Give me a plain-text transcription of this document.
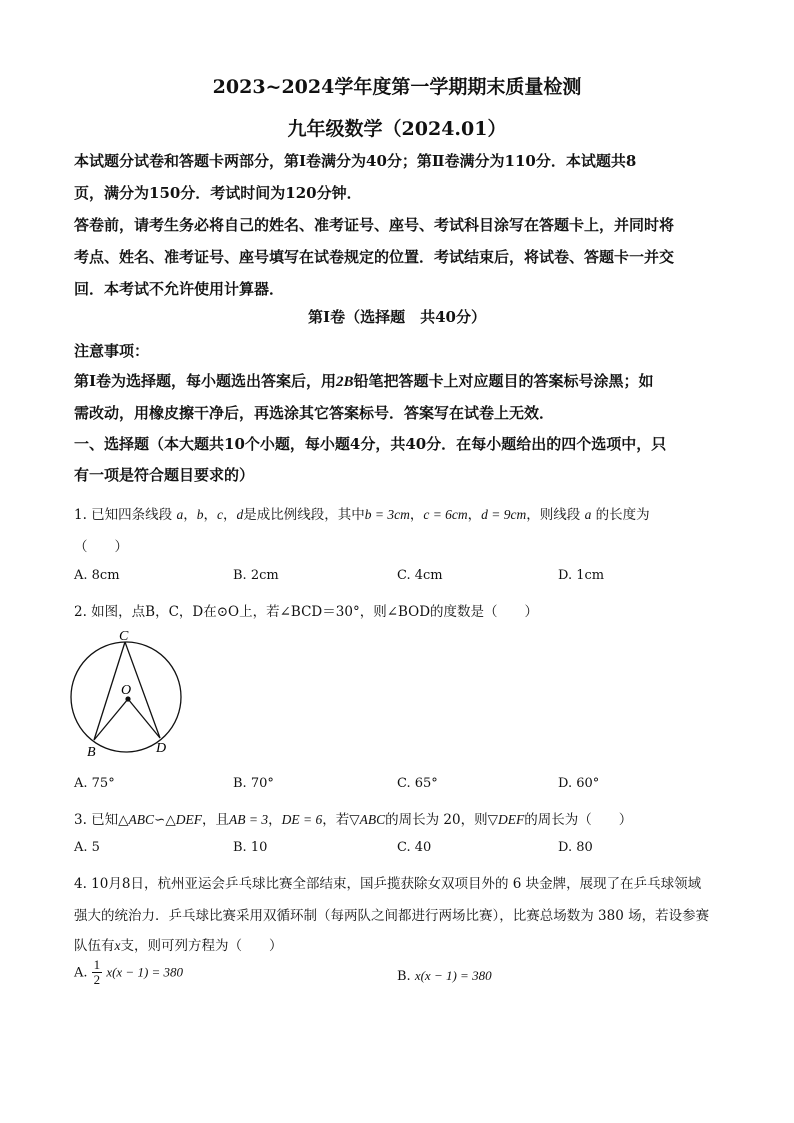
2023~2024学年度第一学期期末质量检测
九年级数学（2024.01）
本试题分试卷和答题卡两部分，第Ⅰ卷满分为40分；第Ⅱ卷满分为110分．本试题共8
页，满分为150分．考试时间为120分钟．
答卷前，请考生务必将自己的姓名、准考证号、座号、考试科目涂写在答题卡上，并同时将
考点、姓名、准考证号、座号填写在试卷规定的位置．考试结束后，将试卷、答题卡一并交
回．本考试不允许使用计算器．
第Ⅰ卷（选择题　共40分）
注意事项：
第Ⅰ卷为选择题，每小题选出答案后，用2B铅笔把答题卡上对应题目的答案标号涂黑；如
需改动，用橡皮擦干净后，再选涂其它答案标号．答案写在试卷上无效．
一、选择题（本大题共10个小题，每小题4分，共40分．在每小题给出的四个选项中，只
有一项是符合题目要求的）
1. 已知四条线段 a，b，c，d是成比例线段，其中b = 3cm，c = 6cm，d = 9cm，则线段 a 的长度为
（　　）
A. 8cm	B. 2cm	C. 4cm	D. 1cm
2. 如图，点B，C，D在⊙O上，若∠BCD＝30°，则∠BOD的度数是（　　）
C
O
B	D
A. 75°	B. 70°	C. 65°	D. 60°
3. 已知△ABC∽△DEF，且AB = 3，DE = 6，若▽ABC的周长为 20，则▽DEF的周长为（　　）
A. 5	B. 10	C. 40	D. 80
4. 10月8日，杭州亚运会乒乓球比赛全部结束，国乒揽获除女双项目外的 6 块金牌，展现了在乒乓球领域
强大的统治力．乒乓球比赛采用双循环制（每两队之间都进行两场比赛），比赛总场数为 380 场，若设参赛
队伍有x支，则可列方程为（　　）
A. $\frac{1}{2} x(x - 1) = 380$	B. x(x − 1) = 380
